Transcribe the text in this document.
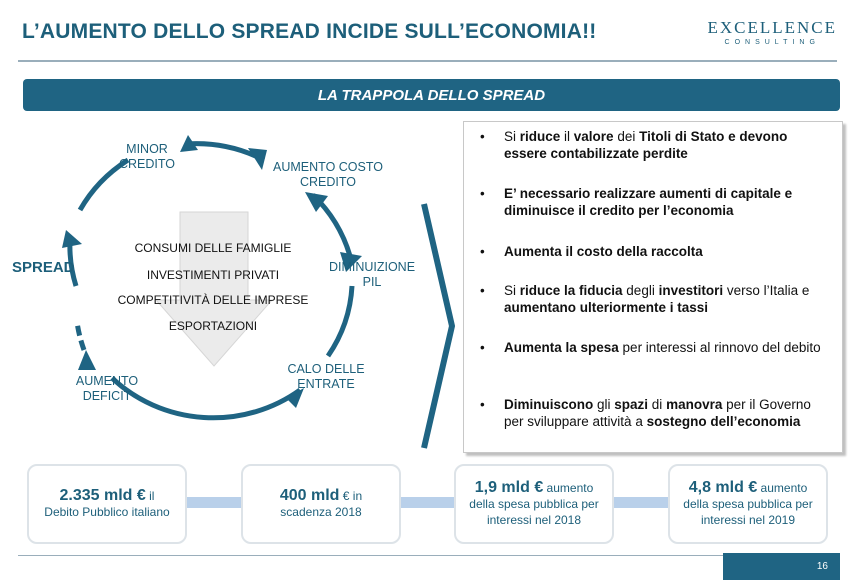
L’AUMENTO DELLO SPREAD INCIDE SULL’ECONOMIA!!	EXCELLENCE
CONSULTING
LA TRAPPOLA DELLO SPREAD
MINOR
CREDITO	AUMENTO COSTO
CREDITO
DIMINUIZIONE
PIL
CALO DELLE
ENTRATE
AUMENTO
DEFICIT
SPREAD
CONSUMI DELLE FAMIGLIE
INVESTIMENTI PRIVATI
COMPETITIVITÀ DELLE IMPRESE
ESPORTAZIONI
• Si riduce il valore dei Titoli di Stato e devono essere contabilizzate perdite
• E’ necessario realizzare aumenti di capitale e diminuisce il credito per l’economia
• Aumenta il costo della raccolta
• Si riduce la fiducia degli investitori verso l’Italia e aumentano ulteriormente i tassi
• Aumenta la spesa per interessi al rinnovo del debito
• Diminuiscono gli spazi di manovra per il Governo per sviluppare attività a sostegno dell’economia
2.335 mld € il
Debito Pubblico italiano
400 mld € in
scadenza 2018
1,9 mld € aumento
della spesa pubblica per interessi nel 2018
4,8 mld € aumento
della spesa pubblica per interessi nel 2019
16
